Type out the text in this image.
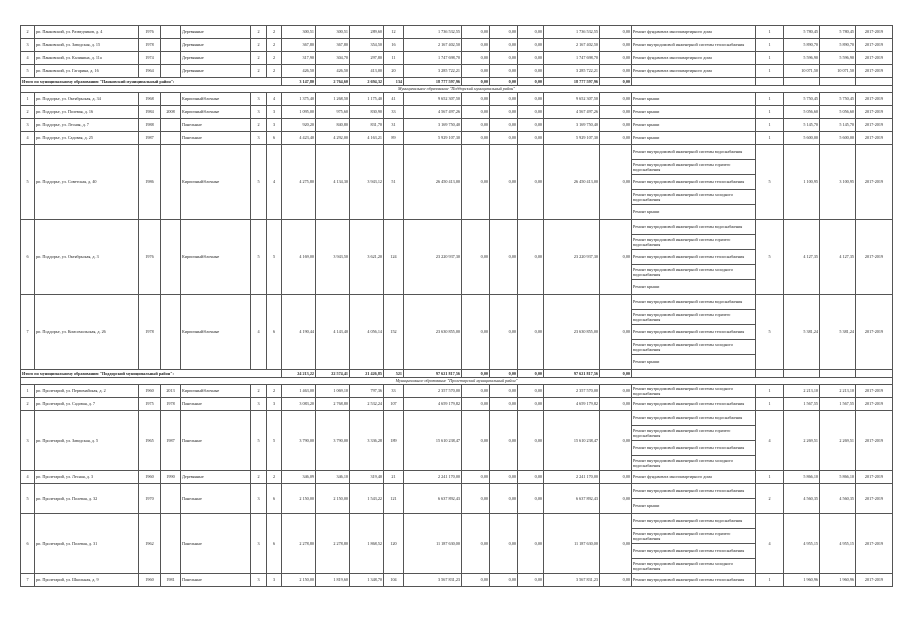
2	рп. Панковский, ул. Разведчиков, д. 4	1976		Деревянные	2	2	300,51	300,51	289,60	12	1 736 532,55	0,00	0,00	0,00	1 736 532,55	0,00	Ремонт фундамента многоквартирного дома	1	5 780,45	5 780,45	2017-2019
3	рп. Панковский, ул. Заводская, д. 15	1978		Деревянные	2	2	367,80	367,80	354,50	16	2 167 402,50	0,00	0,00	0,00	2 167 402,50	0,00	Ремонт внутридомовой инженерной системы теплоснабжения	1	5 890,70	5 890,70	2017-2019
4	рп. Панковский, ул. Калинина, д. 11а	1974		Деревянные	2	2	317,90	304,70	297,80	11	1 747 698,70	0,00	0,00	0,00	1 747 698,70	0,00	Ремонт фундамента многоквартирного дома	1	5 596,90	5 596,90	2017-2019
5	рп. Панковский, ул. Гагарина, д. 16	1964		Деревянные	2	2	426,50	426,50	413,00	20	3 285 722,21	0,00	0,00	0,00	3 285 722,21	0,00	Ремонт фундамента многоквартирного дома	1	10 071,50	10 071,50	2017-2019
Итого по муниципальному образованию "Панковский муниципальный район":							3 147,80	2 764,60	2 694,32	134	18 777 597,96	0,00	0,00	0,00	18 777 597,96	0,00					
Муниципальное образование "Поддорский муниципальный район"																					
1	рп. Поддорье, ул. Октябрьская, д. 34	1968		Кирпичный/блочные	3	4	1 375,40	1 268,50	1 175,40	41	9 652 307,50	0,00	0,00	0,00	9 652 307,50	0,00	Ремонт крыши	1	5 750,45	5 750,45	2017-2019
2	рп. Поддорье, ул. Полевая, д. 16	1984	2008	Кирпичный/блочные	3	3	1 095,00	975,60	830,90	33	4 567 497,26	0,00	0,00	0,00	4 567 497,26	0,00	Ремонт крыши	1	5 056,60	5 056,60	2017-2019
3	рп. Поддорье, ул. Лесная, д. 7	1988		Панельные	2	3	920,20	840,80	831,70	31	3 169 750,40	0,00	0,00	0,00	3 169 750,40	0,00	Ремонт крыши	1	5 145,70	5 145,70	2017-2019
4	рп. Поддорье, ул. Садовая, д. 25	1987		Панельные	3	6	4 423,40	4 292,00	4 163,21	89	5 929 107,30	0,00	0,00	0,00	5 929 107,30	0,00	Ремонт крыши	1	5 600,00	5 600,00	2017-2019
5	рп. Поддорье, ул. Советская, д. 40	1986		Кирпичный/блочные	5	4	4 275,80	4 134,30	3 943,12	51	26 450 413,00	0,00	0,00	0,00	26 450 413,00	0,00	Ремонт внутридомовой инженерной системы водоснабжения	5	1 100,95	3 100,95	2017-2019
																	Ремонт внутридомовой инженерной системы горячего водоснабжения				
																	Ремонт внутридомовой инженерной системы теплоснабжения				
																	Ремонт внутридомовой инженерной системы холодного водоснабжения				
																	Ремонт крыши				
6	рп. Поддорье, ул. Октябрьская, д. 3	1976		Кирпичный/блочные	5	5	4 169,00	3 943,50	3 621,20	124	23 220 937,30	0,00	0,00	0,00	23 220 937,30	0,00	Ремонт внутридомовой инженерной системы водоснабжения	5	4 127,35	4 127,35	2017-2019
																	Ремонт внутридомовой инженерной системы горячего водоснабжения				
																	Ремонт внутридомовой инженерной системы теплоснабжения				
																	Ремонт внутридомовой инженерной системы холодного водоснабжения				
																	Ремонт крыши				
7	рп. Поддорье, ул. Комсомольская, д. 26	1978		Кирпичный/блочные	4	6	4 190,44	4 143,40	4 056,14	152	23 630 855,00	0,00	0,00	0,00	23 630 855,00	0,00	Ремонт внутридомовой инженерной системы водоснабжения	5	5 381,24	5 381,24	2017-2019
																	Ремонт внутридомовой инженерной системы горячего водоснабжения				
																	Ремонт внутридомовой инженерной системы теплоснабжения				
																	Ремонт внутридомовой инженерной системы холодного водоснабжения				
																	Ремонт крыши				
Итого по муниципальному образованию "Поддорский муниципальный район":							24 213,22	22 574,41	21 426,85	521	97 621 817,56	0,00	0,00	0,00	97 621 817,56	0,00					
Муниципальное образование "Пролетарский муниципальный район"																					
1	рп. Пролетарий, ул. Первомайская, д. 2	1960	2013	Кирпичный/блочные	2	2	1 463,00	1 069,10	797,36	33	2 357 570,00	0,00	0,00	0,00	2 357 570,00	0,00	Ремонт внутридомовой инженерной системы холодного водоснабжения	1	2 213,10	2 213,10	2017-2019
2	рп. Пролетарий, ул. Садовая, д. 7	1975	1978	Панельные	3	3	3 083,20	2 768,80	2 532,24	107	4 659 179,82	0,00	0,00	0,00	4 659 179,82	0,00	Ремонт внутридомовой инженерной системы теплоснабжения	1	1 567,55	1 567,55	2017-2019
3	рп. Пролетарий, ул. Заводская, д. 5	1965	1987	Панельные	5	5	3 790,00	3 790,00	3 336,28	189	15 610 238,47	0,00	0,00	0,00	15 610 238,47	0,00	Ремонт внутридомовой инженерной системы водоснабжения	4	2 269,51	2 269,51	2017-2019
																	Ремонт внутридомовой инженерной системы горячего водоснабжения				
																	Ремонт внутридомовой инженерной системы теплоснабжения				
																	Ремонт внутридомовой инженерной системы холодного водоснабжения				
4	рп. Пролетарий, ул. Лесная, д. 3	1960	1990	Деревянные	2	2	346,09	346,10	319,40	21	2 241 170,00	0,00	0,00	0,00	2 241 170,00	0,00	Ремонт фундамента многоквартирного дома	1	5 866,10	5 866,10	2017-2019
5	рп. Пролетарий, ул. Полевая, д. 32	1970		Панельные	3	6	2 150,00	2 150,00	1 543,22	121	6 637 892,43	0,00	0,00	0,00	6 637 892,43	0,00	Ремонт внутридомовой инженерной системы теплоснабжения	2	4 560,35	4 560,35	2017-2019
																	Ремонт крыши				
6	рп. Пролетарий, ул. Полевая, д. 31	1962		Панельные	3	6	2 278,80	2 278,80	1 868,52	120	11 187 630,00	0,00	0,00	0,00	11 187 630,00	0,00	Ремонт внутридомовой инженерной системы водоснабжения	4	4 955,15	4 955,15	2017-2019
																	Ремонт внутридомовой инженерной системы горячего водоснабжения				
																	Ремонт внутридомовой инженерной системы теплоснабжения				
																	Ремонт внутридомовой инженерной системы холодного водоснабжения				
7	рп. Пролетарий, ул. Школьная, д. 9	1960	1981	Панельные	3	3	2 150,00	1 819,60	1 348,70	104	3 567 831,23	0,00	0,00	0,00	3 567 831,23	0,00	Ремонт внутридомовой инженерной системы теплоснабжения	1	1 960,96	1 960,96	2017-2019
